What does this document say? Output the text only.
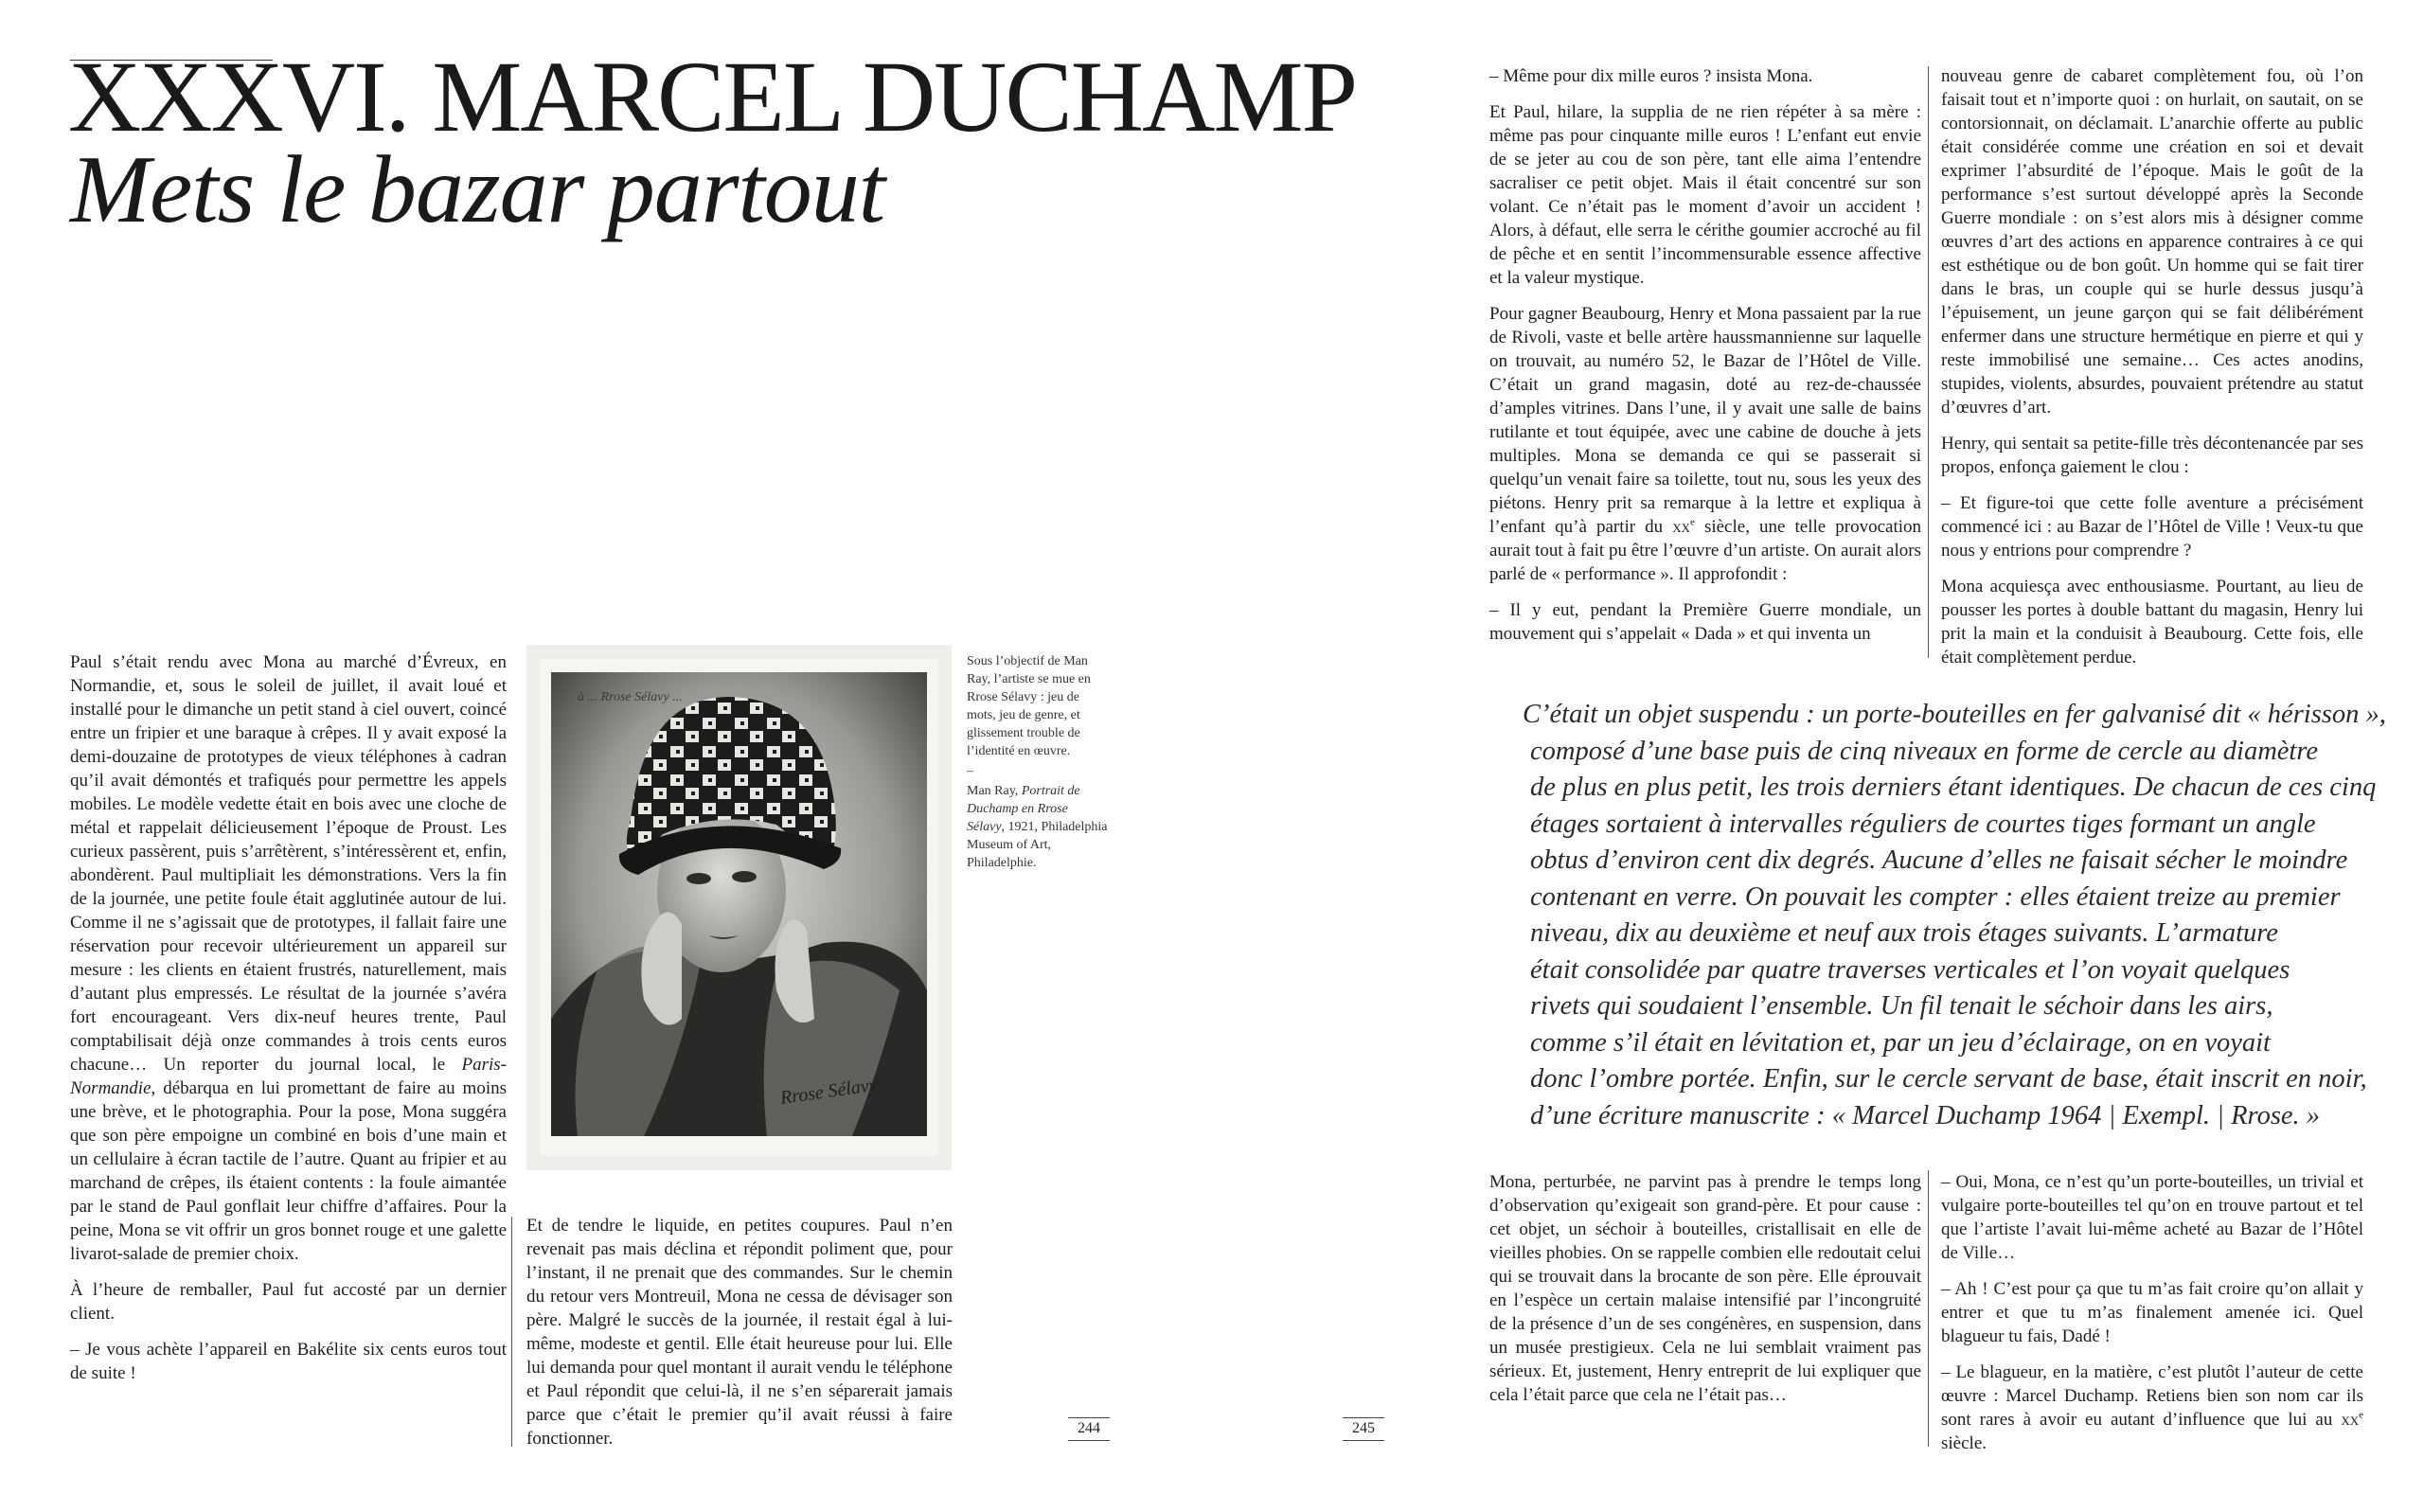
XXXVI. MARCEL DUCHAMP
Mets le bazar partout

Paul s’était rendu avec Mona au marché d’Évreux, en Normandie, et, sous le soleil de juillet, il avait loué et installé pour le dimanche un petit stand à ciel ouvert, coincé entre un fripier et une baraque à crêpes. Il y avait exposé la demi-douzaine de prototypes de vieux téléphones à cadran qu’il avait démontés et trafiqués pour permettre les appels mobiles. Le modèle vedette était en bois avec une cloche de métal et rappelait délicieusement l’époque de Proust. Les curieux passèrent, puis s’arrêtèrent, s’intéressèrent et, enfin, abondèrent. Paul multipliait les démonstrations. Vers la fin de la journée, une petite foule était agglutinée autour de lui. Comme il ne s’agissait que de prototypes, il fallait faire une réservation pour recevoir ultérieurement un appareil sur mesure : les clients en étaient frustrés, naturellement, mais d’autant plus empressés. Le résultat de la journée s’avéra fort encourageant. Vers dix-neuf heures trente, Paul comptabilisait déjà onze commandes à trois cents euros chacune… Un reporter du journal local, le Paris-Normandie, débarqua en lui promettant de faire au moins une brève, et le photographia. Pour la pose, Mona suggéra que son père empoigne un combiné en bois d’une main et un cellulaire à écran tactile de l’autre. Quant au fripier et au marchand de crêpes, ils étaient contents : la foule aimantée par le stand de Paul gonflait leur chiffre d’affaires. Pour la peine, Mona se vit offrir un gros bonnet rouge et une galette livarot-salade de premier choix.

À l’heure de remballer, Paul fut accosté par un dernier client.

– Je vous achète l’appareil en Bakélite six cents euros tout de suite !

à ... Rrose Sélavy ...
Rrose Sélavy

Sous l’objectif de Man Ray, l’artiste se mue en Rrose Sélavy : jeu de mots, jeu de genre, et glissement trouble de l’identité en œuvre.

–

Man Ray, Portrait de Duchamp en Rrose Sélavy, 1921, Philadelphia Museum of Art, Philadelphie.

Et de tendre le liquide, en petites coupures. Paul n’en revenait pas mais déclina et répondit poliment que, pour l’instant, il ne prenait que des commandes. Sur le chemin du retour vers Montreuil, Mona ne cessa de dévisager son père. Malgré le succès de la journée, il restait égal à lui-même, modeste et gentil. Elle était heureuse pour lui. Elle lui demanda pour quel montant il aurait vendu le téléphone et Paul répondit que celui-là, il ne s’en séparerait jamais parce que c’était le premier qu’il avait réussi à faire fonctionner.

244	245

– Même pour dix mille euros ? insista Mona.

Et Paul, hilare, la supplia de ne rien répéter à sa mère : même pas pour cinquante mille euros ! L’enfant eut envie de se jeter au cou de son père, tant elle aima l’entendre sacraliser ce petit objet. Mais il était concentré sur son volant. Ce n’était pas le moment d’avoir un accident ! Alors, à défaut, elle serra le cérithe goumier accroché au fil de pêche et en sentit l’incommensurable essence affective et la valeur mystique.

Pour gagner Beaubourg, Henry et Mona passaient par la rue de Rivoli, vaste et belle artère haussmannienne sur laquelle on trouvait, au numéro 52, le Bazar de l’Hôtel de Ville. C’était un grand magasin, doté au rez-de-chaussée d’amples vitrines. Dans l’une, il y avait une salle de bains rutilante et tout équipée, avec une cabine de douche à jets multiples. Mona se demanda ce qui se passerait si quelqu’un venait faire sa toilette, tout nu, sous les yeux des piétons. Henry prit sa remarque à la lettre et expliqua à l’enfant qu’à partir du $xx^e$ siècle, une telle provocation aurait tout à fait pu être l’œuvre d’un artiste. On aurait alors parlé de « performance ». Il approfondit :

– Il y eut, pendant la Première Guerre mondiale, un mouvement qui s’appelait « Dada » et qui inventa un

nouveau genre de cabaret complètement fou, où l’on faisait tout et n’importe quoi : on hurlait, on sautait, on se contorsionnait, on déclamait. L’anarchie offerte au public était considérée comme une création en soi et devait exprimer l’absurdité de l’époque. Mais le goût de la performance s’est surtout développé après la Seconde Guerre mondiale : on s’est alors mis à désigner comme œuvres d’art des actions en apparence contraires à ce qui est esthétique ou de bon goût. Un homme qui se fait tirer dans le bras, un couple qui se hurle dessus jusqu’à l’épuisement, un jeune garçon qui se fait délibérément enfermer dans une structure hermétique en pierre et qui y reste immobilisé une semaine… Ces actes anodins, stupides, violents, absurdes, pouvaient prétendre au statut d’œuvres d’art.

Henry, qui sentait sa petite-fille très décontenancée par ses propos, enfonça gaiement le clou :

– Et figure-toi que cette folle aventure a précisément commencé ici : au Bazar de l’Hôtel de Ville ! Veux-tu que nous y entrions pour comprendre ?

Mona acquiesça avec enthousiasme. Pourtant, au lieu de pousser les portes à double battant du magasin, Henry lui prit la main et la conduisit à Beaubourg. Cette fois, elle était complètement perdue.

C’était un objet suspendu : un porte-bouteilles en fer galvanisé dit « hérisson »,
composé d’une base puis de cinq niveaux en forme de cercle au diamètre
de plus en plus petit, les trois derniers étant identiques. De chacun de ces cinq
étages sortaient à intervalles réguliers de courtes tiges formant un angle
obtus d’environ cent dix degrés. Aucune d’elles ne faisait sécher le moindre
contenant en verre. On pouvait les compter : elles étaient treize au premier
niveau, dix au deuxième et neuf aux trois étages suivants. L’armature
était consolidée par quatre traverses verticales et l’on voyait quelques
rivets qui soudaient l’ensemble. Un fil tenait le séchoir dans les airs,
comme s’il était en lévitation et, par un jeu d’éclairage, on en voyait
donc l’ombre portée. Enfin, sur le cercle servant de base, était inscrit en noir,
d’une écriture manuscrite : « Marcel Duchamp 1964 | Exempl. | Rrose. »

Mona, perturbée, ne parvint pas à prendre le temps long d’observation qu’exigeait son grand-père. Et pour cause : cet objet, un séchoir à bouteilles, cristallisait en elle de vieilles phobies. On se rappelle combien elle redoutait celui qui se trouvait dans la brocante de son père. Elle éprouvait en l’espèce un certain malaise intensifié par l’incongruité de la présence d’un de ses congénères, en suspension, dans un musée prestigieux. Cela ne lui semblait vraiment pas sérieux. Et, justement, Henry entreprit de lui expliquer que cela l’était parce que cela ne l’était pas…

– Oui, Mona, ce n’est qu’un porte-bouteilles, un trivial et vulgaire porte-bouteilles tel qu’on en trouve partout et tel que l’artiste l’avait lui-même acheté au Bazar de l’Hôtel de Ville…

– Ah ! C’est pour ça que tu m’as fait croire qu’on allait y entrer et que tu m’as finalement amenée ici. Quel blagueur tu fais, Dadé !

– Le blagueur, en la matière, c’est plutôt l’auteur de cette œuvre : Marcel Duchamp. Retiens bien son nom car ils sont rares à avoir eu autant d’influence que lui au $xx^e$ siècle.
